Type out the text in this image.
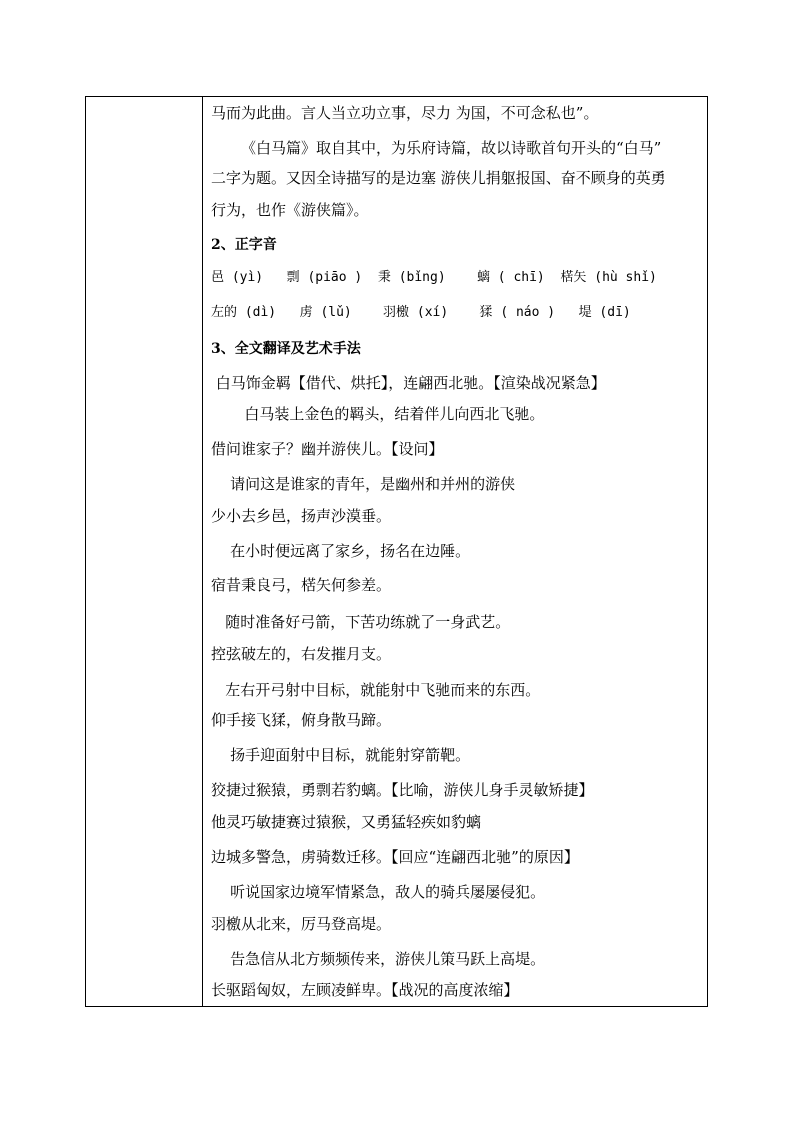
马而为此曲。言人当立功立事，尽力 为国，不可念私也”。
《白马篇》取自其中，为乐府诗篇，故以诗歌首句开头的“白马”
二字为题。又因全诗描写的是边塞 游侠儿捐躯报国、奋不顾身的英勇
行为，也作《游侠篇》。
2、正字音
邑 (yì)   剽 (piāo )  秉 (bǐng)    螭 ( chī)  楛矢 (hù shǐ)
左的 (dì)   虏 (lǔ)    羽檄 (xí)    猱 ( náo )   堤 (dī)
3、全文翻译及艺术手法
白马饰金羁【借代、烘托】，连翩西北驰。【渲染战况紧急】
白马装上金色的羁头，结着伴儿向西北飞驰。
借问谁家子？幽并游侠儿。【设问】
请问这是谁家的青年，是幽州和并州的游侠
少小去乡邑，扬声沙漠垂。
在小时便远离了家乡，扬名在边陲。
宿昔秉良弓，楛矢何参差。
随时准备好弓箭，下苦功练就了一身武艺。
控弦破左的，右发摧月支。
左右开弓射中目标，就能射中飞驰而来的东西。
仰手接飞猱，俯身散马蹄。
扬手迎面射中目标，就能射穿箭靶。
狡捷过猴猿，勇剽若豹螭。【比喻，游侠儿身手灵敏矫捷】
他灵巧敏捷赛过猿猴，又勇猛轻疾如豹螭
边城多警急，虏骑数迁移。【回应“连翩西北驰”的原因】
听说国家边境军情紧急，敌人的骑兵屡屡侵犯。
羽檄从北来，厉马登高堤。
告急信从北方频频传来，游侠儿策马跃上高堤。
长驱蹈匈奴，左顾凌鲜卑。【战况的高度浓缩】
